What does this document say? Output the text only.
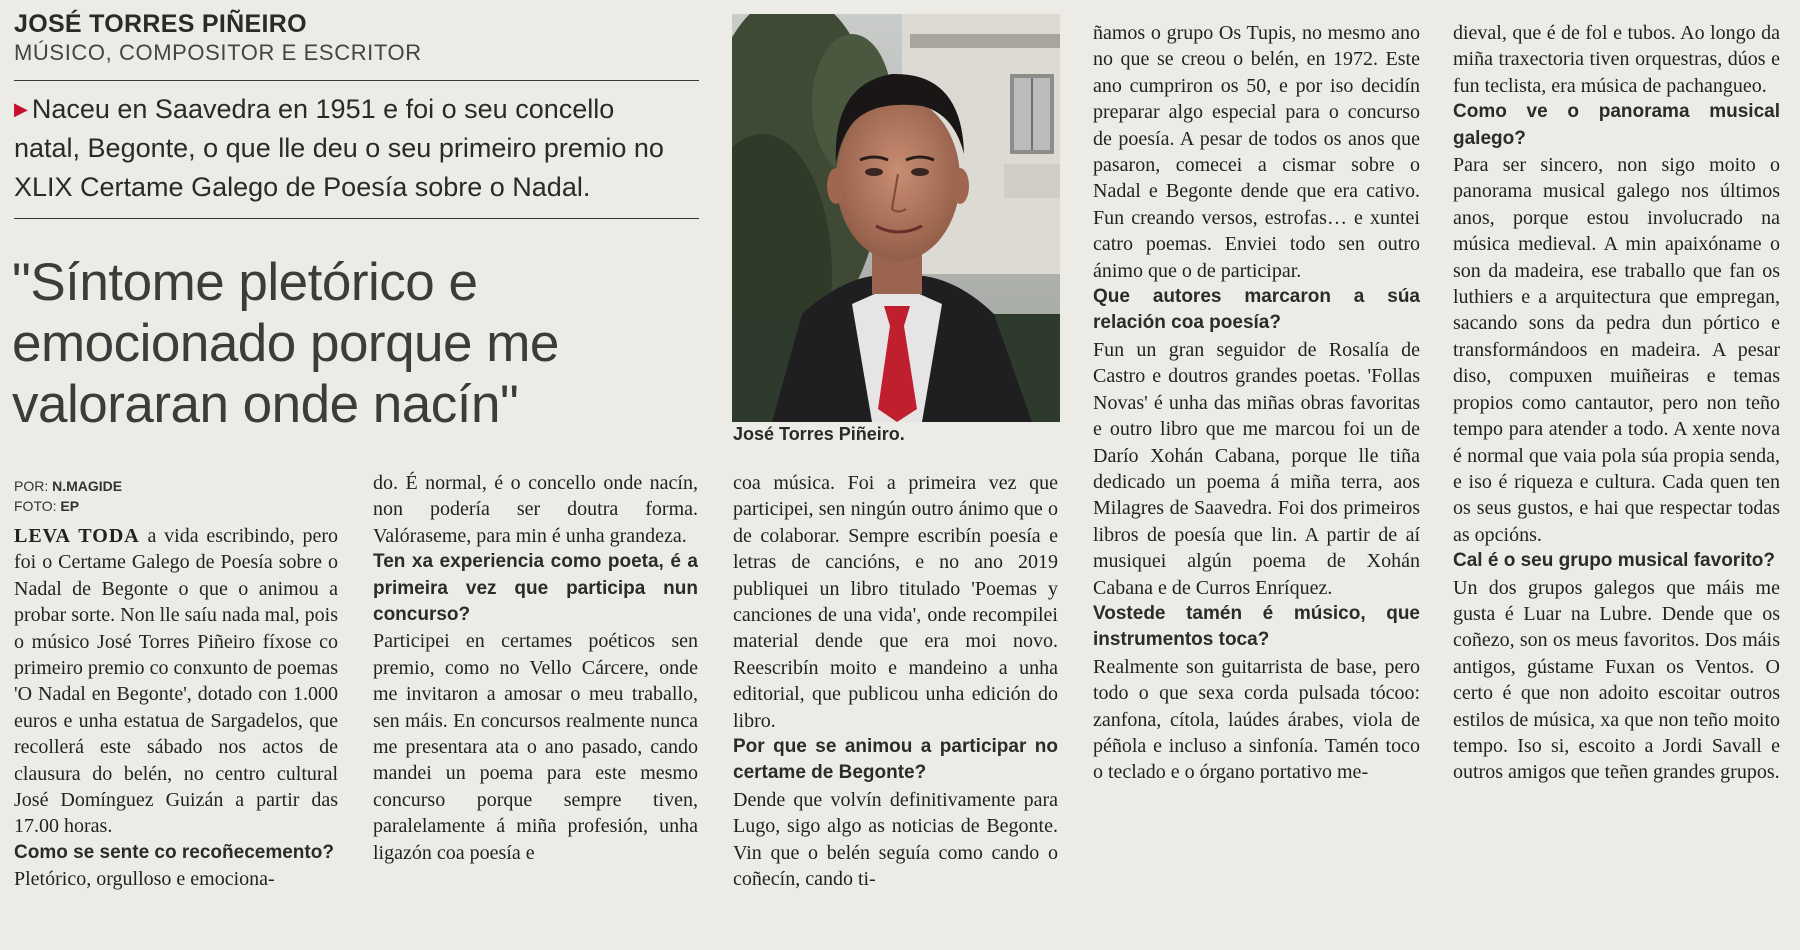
JOSÉ TORRES PIÑEIRO
MÚSICO, COMPOSITOR E ESCRITOR
▶ Naceu en Saavedra en 1951 e foi o seu concello natal, Begonte, o que lle deu o seu primeiro premio no XLIX Certame Galego de Poesía sobre o Nadal.
"Síntome pletórico e emocionado porque me valoraran onde nacín"
POR: N.MAGIDE
FOTO: EP
José Torres Piñeiro.

LEVA TODA a vida escribindo, pero foi o Certame Galego de Poesía sobre o Nadal de Begonte o que o animou a probar sorte. Non lle saíu nada mal, pois o músico José Torres Piñeiro fíxose co primeiro premio co conxunto de poemas 'O Nadal en Begonte', dotado con 1.000 euros e unha estatua de Sargadelos, que recollerá este sábado nos actos de clausura do belén, no centro cultural José Domínguez Guizán a partir das 17.00 horas.

Como se sente co recoñecemento?

Pletórico, orgulloso e emociona-

do. É normal, é o concello onde nacín, non podería ser doutra forma. Valóraseme, para min é unha grandeza.

Ten xa experiencia como poeta, é a primeira vez que participa nun concurso?

Participei en certames poéticos sen premio, como no Vello Cárcere, onde me invitaron a amosar o meu traballo, sen máis. En concursos realmente nunca me presentara ata o ano pasado, cando mandei un poema para este mesmo concurso porque sempre tiven, paralelamente á miña profesión, unha ligazón coa poesía e

coa música. Foi a primeira vez que participei, sen ningún outro ánimo que o de colaborar. Sempre escribín poesía e letras de cancións, e no ano 2019 publiquei un libro titulado 'Poemas y canciones de una vida', onde recompilei material dende que era moi novo. Reescribín moito e mandeino a unha editorial, que publicou unha edición do libro.

Por que se animou a participar no certame de Begonte?

Dende que volvín definitivamente para Lugo, sigo algo as noticias de Begonte. Vin que o belén seguía como cando o coñecín, cando ti-

ñamos o grupo Os Tupis, no mesmo ano no que se creou o belén, en 1972. Este ano cumpriron os 50, e por iso decidín preparar algo especial para o concurso de poesía. A pesar de todos os anos que pasaron, comecei a cismar sobre o Nadal e Begonte dende que era cativo. Fun creando versos, estrofas… e xuntei catro poemas. Enviei todo sen outro ánimo que o de participar.

Que autores marcaron a súa relación coa poesía?

Fun un gran seguidor de Rosalía de Castro e doutros grandes poetas. 'Follas Novas' é unha das miñas obras favoritas e outro libro que me marcou foi un de Darío Xohán Cabana, porque lle tiña dedicado un poema á miña terra, aos Milagres de Saavedra. Foi dos primeiros libros de poesía que lin. A partir de aí musiquei algún poema de Xohán Cabana e de Curros Enríquez.

Vostede tamén é músico, que instrumentos toca?

Realmente son guitarrista de base, pero todo o que sexa corda pulsada tócoo: zanfona, cítola, laúdes árabes, viola de péñola e incluso a sinfonía. Tamén toco o teclado e o órgano portativo me-

dieval, que é de fol e tubos. Ao longo da miña traxectoria tiven orquestras, dúos e fun teclista, era música de pachangueo.

Como ve o panorama musical galego?

Para ser sincero, non sigo moito o panorama musical galego nos últimos anos, porque estou involucrado na música medieval. A min apaixóname o son da madeira, ese traballo que fan os luthiers e a arquitectura que empregan, sacando sons da pedra dun pórtico e transformándoos en madeira. A pesar diso, compuxen muiñeiras e temas propios como cantautor, pero non teño tempo para atender a todo. A xente nova é normal que vaia pola súa propia senda, e iso é riqueza e cultura. Cada quen ten os seus gustos, e hai que respectar todas as opcións.

Cal é o seu grupo musical favorito?

Un dos grupos galegos que máis me gusta é Luar na Lubre. Dende que os coñezo, son os meus favoritos. Dos máis antigos, gústame Fuxan os Ventos. O certo é que non adoito escoitar outros estilos de música, xa que non teño moito tempo. Iso si, escoito a Jordi Savall e outros amigos que teñen grandes grupos.
